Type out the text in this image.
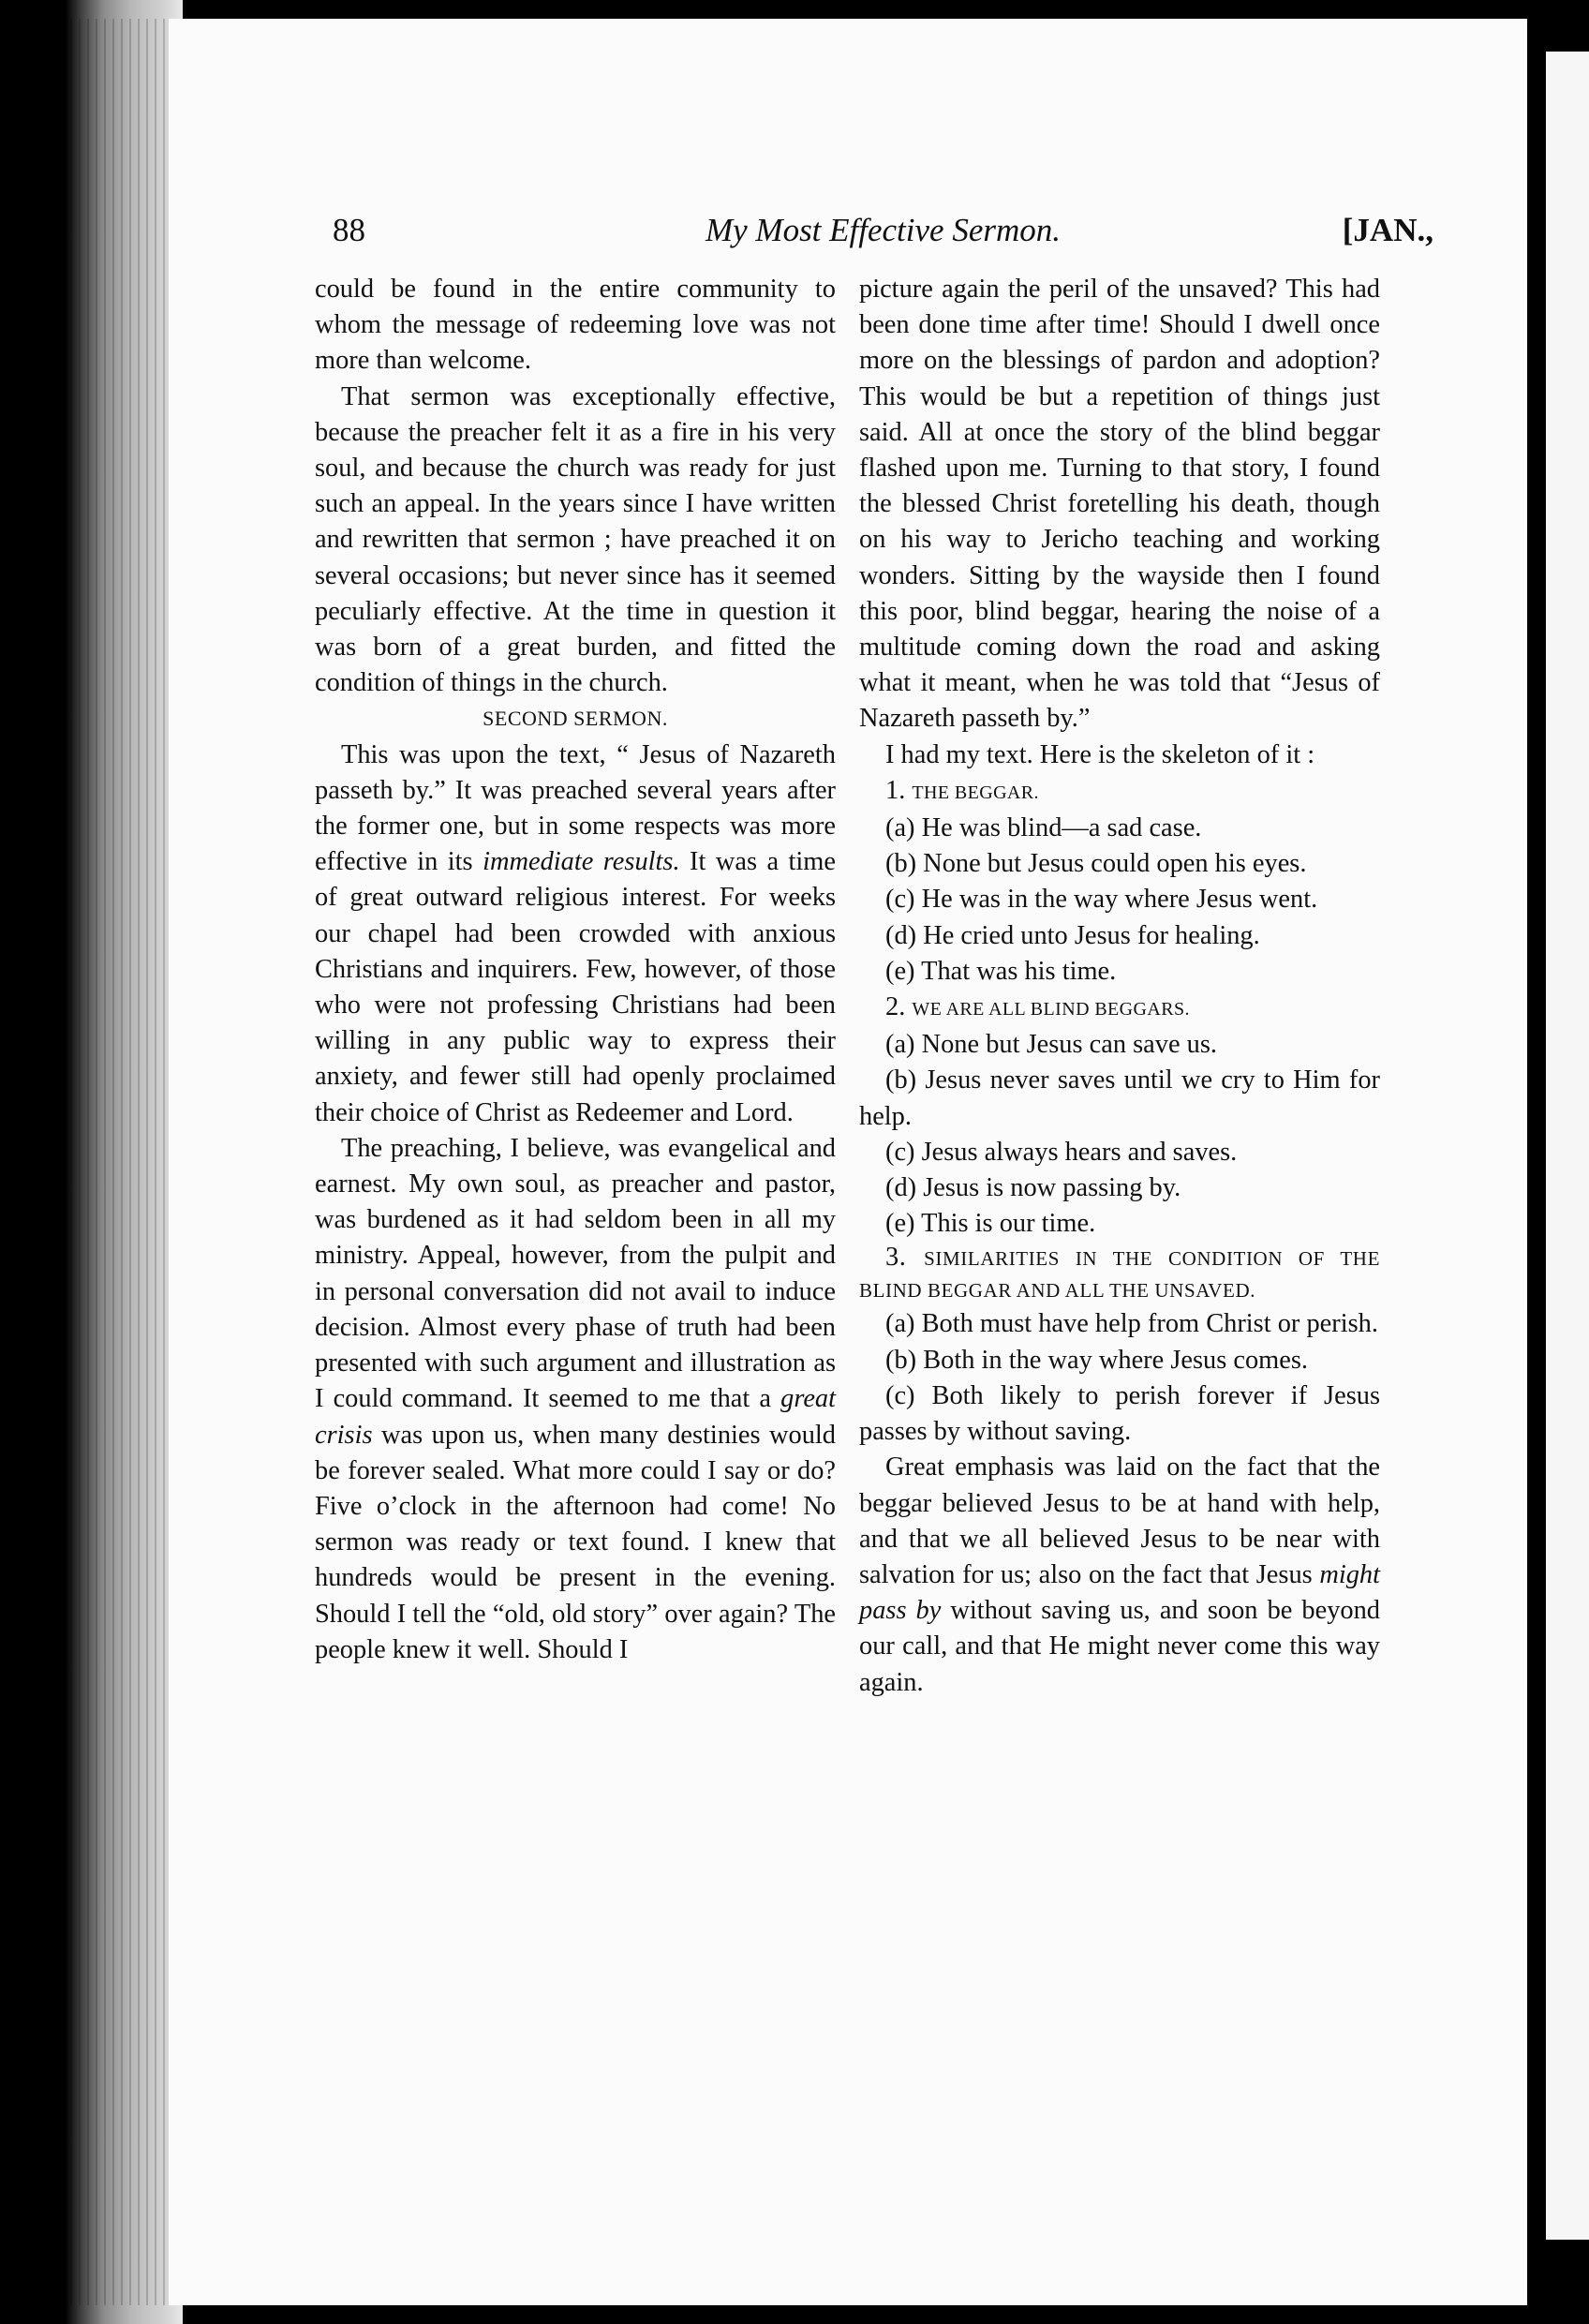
88	My Most Effective Sermon.	[JAN.,

could be found in the entire community to whom the message of redeeming love was not more than welcome.

That sermon was exceptionally effective, because the preacher felt it as a fire in his very soul, and because the church was ready for just such an appeal. In the years since I have written and rewritten that sermon ; have preached it on several occasions; but never since has it seemed peculiarly effective. At the time in question it was born of a great burden, and fitted the condition of things in the church.

SECOND SERMON.

This was upon the text, “ Jesus of Nazareth passeth by.” It was preached several years after the former one, but in some respects was more effective in its immediate results. It was a time of great outward religious interest. For weeks our chapel had been crowded with anxious Christians and inquirers. Few, however, of those who were not professing Christians had been willing in any public way to express their anxiety, and fewer still had openly proclaimed their choice of Christ as Redeemer and Lord.

The preaching, I believe, was evangelical and earnest. My own soul, as preacher and pastor, was burdened as it had seldom been in all my ministry. Appeal, however, from the pulpit and in personal conversation did not avail to induce decision. Almost every phase of truth had been presented with such argument and illustration as I could command. It seemed to me that a great crisis was upon us, when many destinies would be forever sealed. What more could I say or do? Five o’clock in the afternoon had come! No sermon was ready or text found. I knew that hundreds would be present in the evening. Should I tell the “old, old story” over again? The people knew it well. Should I

picture again the peril of the unsaved? This had been done time after time! Should I dwell once more on the blessings of pardon and adoption? This would be but a repetition of things just said. All at once the story of the blind beggar flashed upon me. Turning to that story, I found the blessed Christ foretelling his death, though on his way to Jericho teaching and working wonders. Sitting by the wayside then I found this poor, blind beggar, hearing the noise of a multitude coming down the road and asking what it meant, when he was told that “Jesus of Nazareth passeth by.”

I had my text. Here is the skeleton of it :

1. THE BEGGAR.

(a) He was blind—a sad case.

(b) None but Jesus could open his eyes.

(c) He was in the way where Jesus went.

(d) He cried unto Jesus for healing.

(e) That was his time.

2. WE ARE ALL BLIND BEGGARS.

(a) None but Jesus can save us.

(b) Jesus never saves until we cry to Him for help.

(c) Jesus always hears and saves.

(d) Jesus is now passing by.

(e) This is our time.

3. SIMILARITIES IN THE CONDITION OF THE BLIND BEGGAR AND ALL THE UNSAVED.

(a) Both must have help from Christ or perish.

(b) Both in the way where Jesus comes.

(c) Both likely to perish forever if Jesus passes by without saving.

Great emphasis was laid on the fact that the beggar believed Jesus to be at hand with help, and that we all believed Jesus to be near with salvation for us; also on the fact that Jesus might pass by without saving us, and soon be beyond our call, and that He might never come this way again.
